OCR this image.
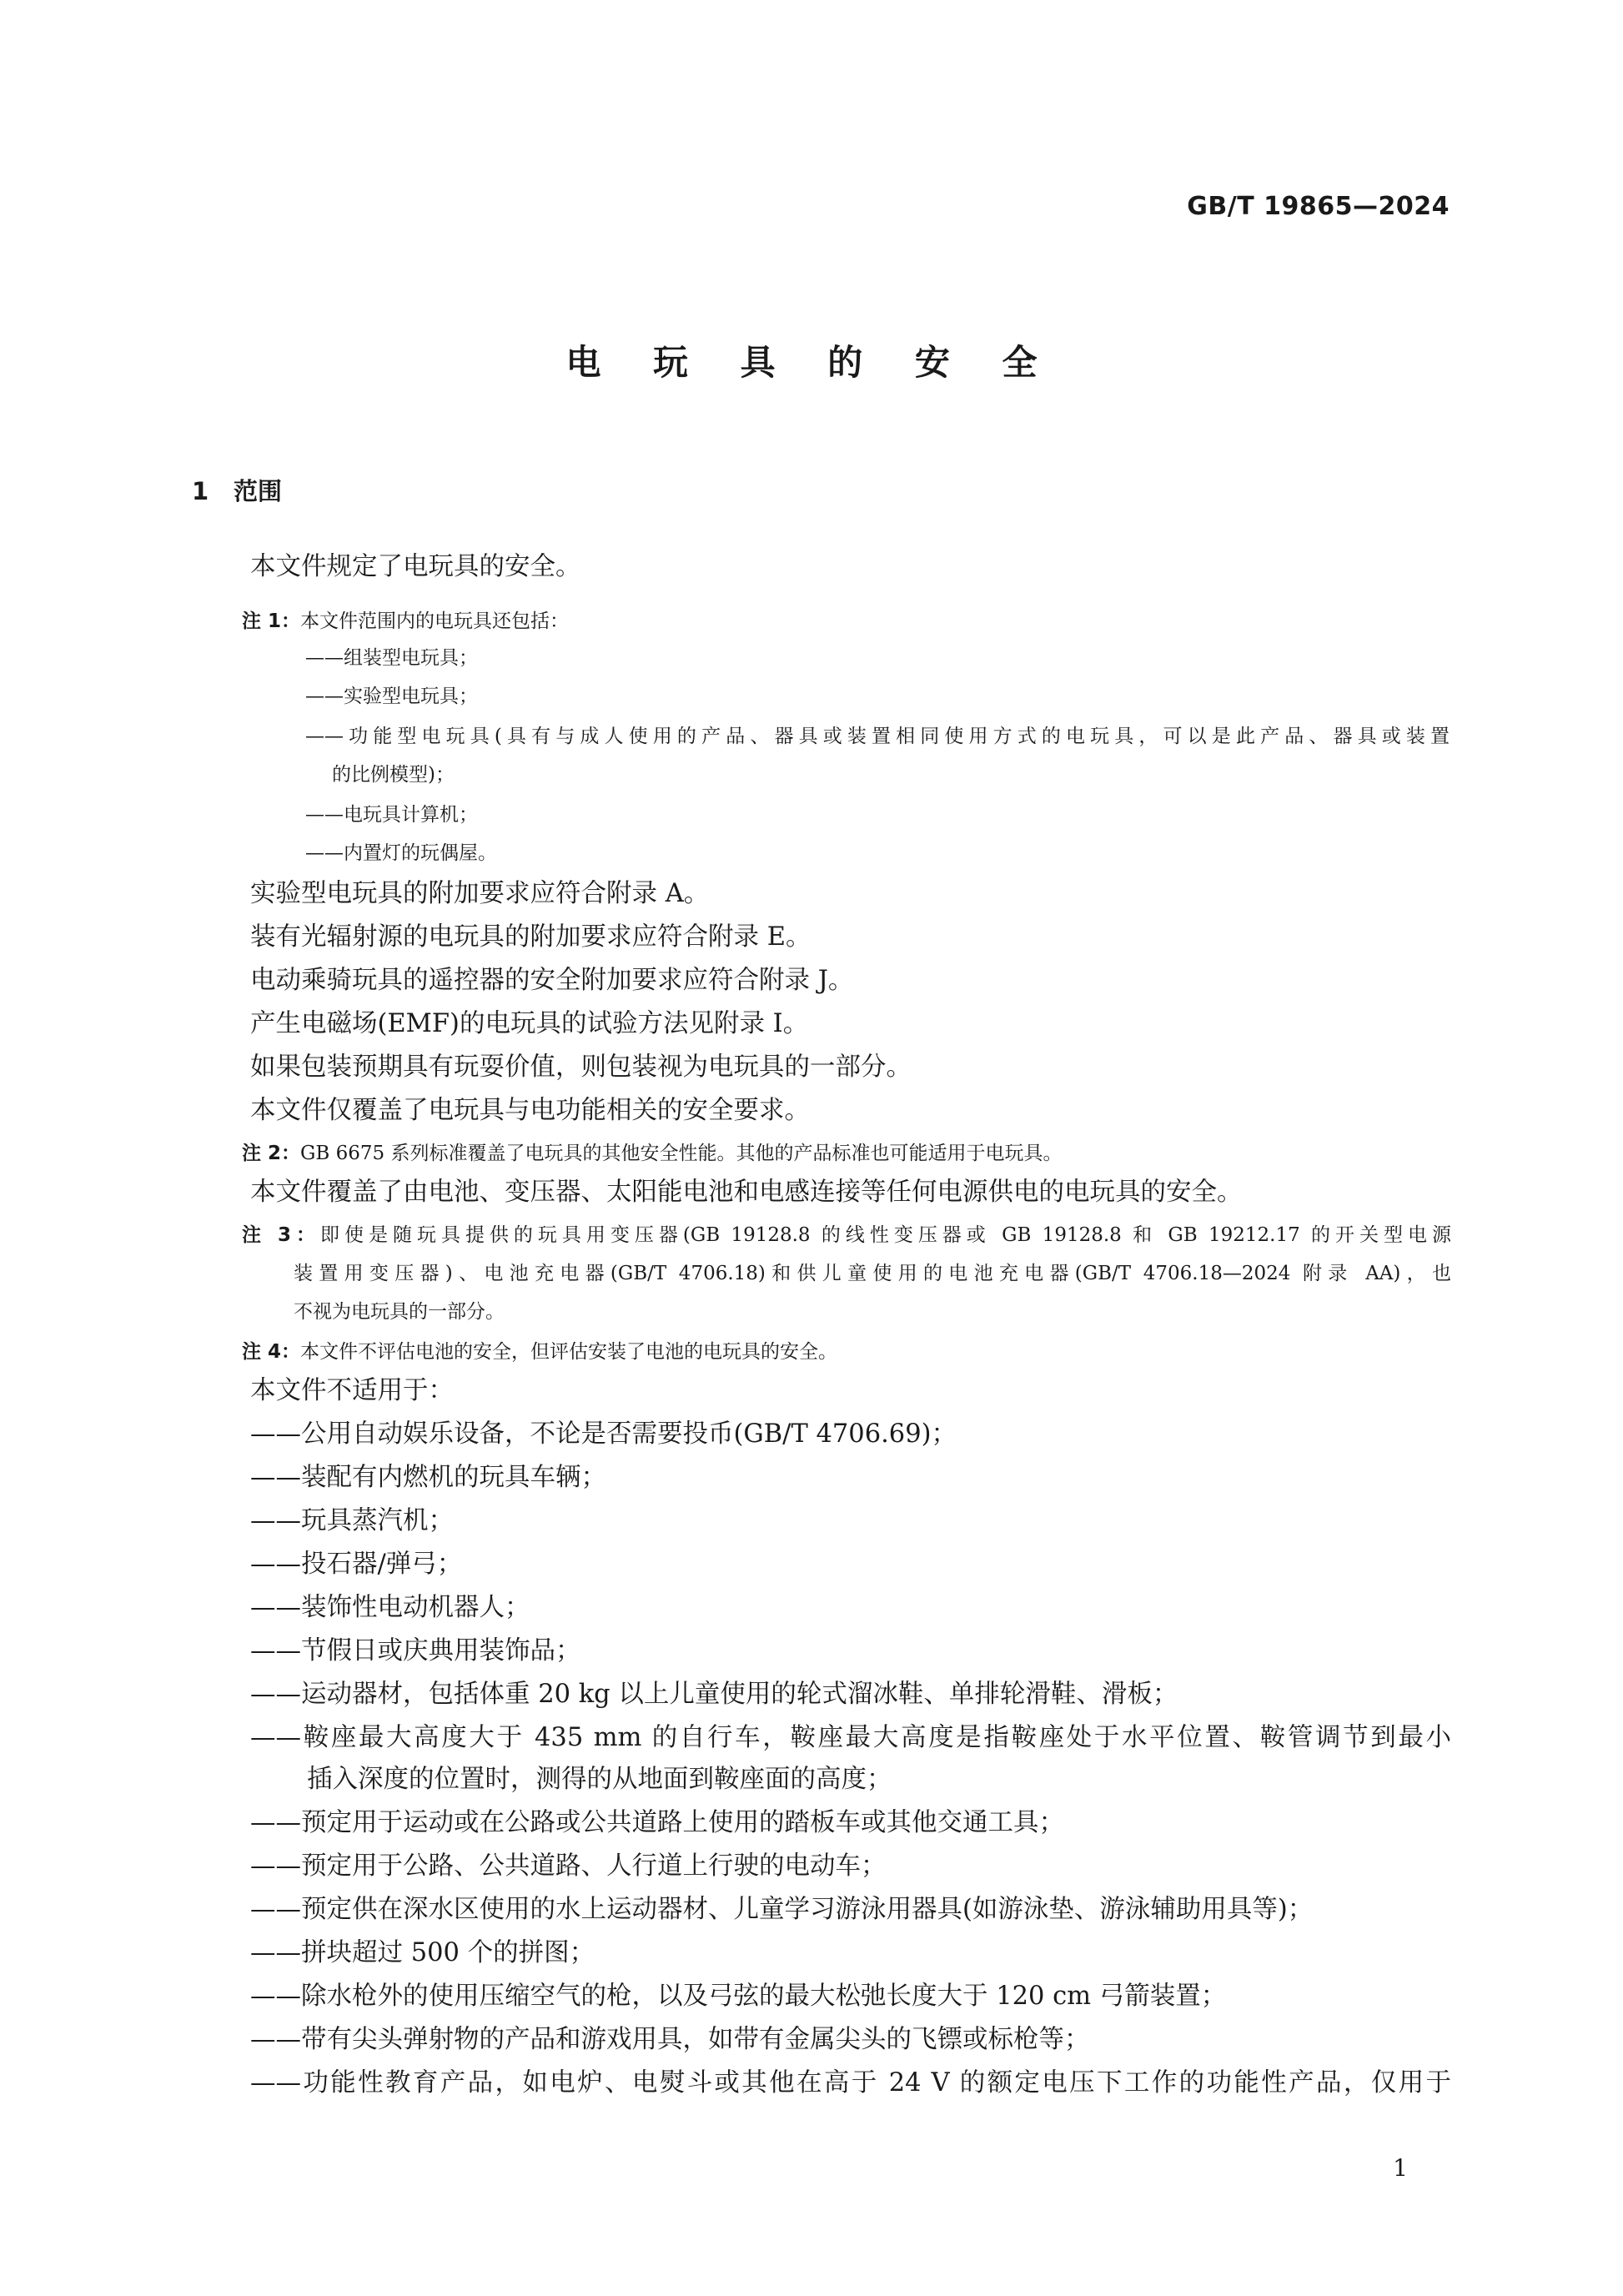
GB/T 19865—2024
电 玩 具 的 安 全
1 范围
本文件规定了电玩具的安全。
注 1：本文件范围内的电玩具还包括：
——组装型电玩具；
——实验型电玩具；
——功能型电玩具(具有与成人使用的产品、器具或装置相同使用方式的电玩具，可以是此产品、器具或装置
的比例模型)；
——电玩具计算机；
——内置灯的玩偶屋。
实验型电玩具的附加要求应符合附录 A。
装有光辐射源的电玩具的附加要求应符合附录 E。
电动乘骑玩具的遥控器的安全附加要求应符合附录 J。
产生电磁场(EMF)的电玩具的试验方法见附录 I。
如果包装预期具有玩耍价值，则包装视为电玩具的一部分。
本文件仅覆盖了电玩具与电功能相关的安全要求。
注 2：GB 6675 系列标准覆盖了电玩具的其他安全性能。其他的产品标准也可能适用于电玩具。
本文件覆盖了由电池、变压器、太阳能电池和电感连接等任何电源供电的电玩具的安全。
注 3：即使是随玩具提供的玩具用变压器(GB 19128.8 的线性变压器或 GB 19128.8 和 GB 19212.17 的开关型电源
装置用变压器)、电池充电器(GB/T 4706.18)和供儿童使用的电池充电器(GB/T 4706.18—2024 附录 AA)，也
不视为电玩具的一部分。
注 4：本文件不评估电池的安全，但评估安装了电池的电玩具的安全。
本文件不适用于：
——公用自动娱乐设备，不论是否需要投币(GB/T 4706.69)；
——装配有内燃机的玩具车辆；
——玩具蒸汽机；
——投石器/弹弓；
——装饰性电动机器人；
——节假日或庆典用装饰品；
——运动器材，包括体重 20 kg 以上儿童使用的轮式溜冰鞋、单排轮滑鞋、滑板；
——鞍座最大高度大于 435 mm 的自行车，鞍座最大高度是指鞍座处于水平位置、鞍管调节到最小
插入深度的位置时，测得的从地面到鞍座面的高度；
——预定用于运动或在公路或公共道路上使用的踏板车或其他交通工具；
——预定用于公路、公共道路、人行道上行驶的电动车；
——预定供在深水区使用的水上运动器材、儿童学习游泳用器具(如游泳垫、游泳辅助用具等)；
——拼块超过 500 个的拼图；
——除水枪外的使用压缩空气的枪，以及弓弦的最大松弛长度大于 120 cm 弓箭装置；
——带有尖头弹射物的产品和游戏用具，如带有金属尖头的飞镖或标枪等；
——功能性教育产品，如电炉、电熨斗或其他在高于 24 V 的额定电压下工作的功能性产品，仅用于
1
